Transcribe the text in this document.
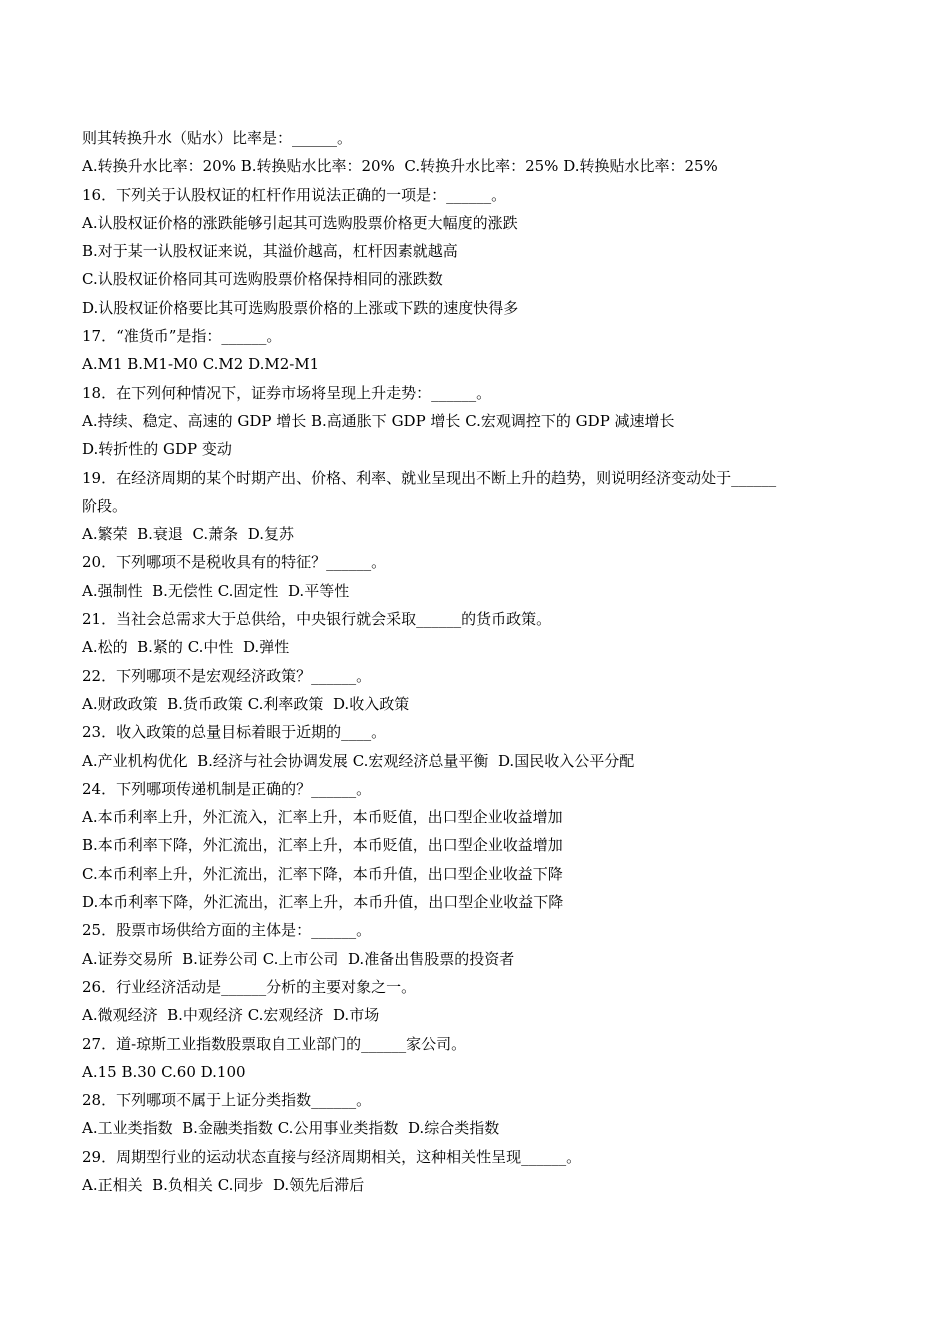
则其转换升水（贴水）比率是：______。
A.转换升水比率：20% B.转换贴水比率：20%  C.转换升水比率：25% D.转换贴水比率：25%
16．下列关于认股权证的杠杆作用说法正确的一项是：______。
A.认股权证价格的涨跌能够引起其可选购股票价格更大幅度的涨跌
B.对于某一认股权证来说，其溢价越高，杠杆因素就越高
C.认股权证价格同其可选购股票价格保持相同的涨跌数
D.认股权证价格要比其可选购股票价格的上涨或下跌的速度快得多
17．“准货币”是指：______。
A.M1 B.M1-M0 C.M2 D.M2-M1
18．在下列何种情况下，证券市场将呈现上升走势：______。
A.持续、稳定、高速的 GDP 增长 B.高通胀下 GDP 增长 C.宏观调控下的 GDP 减速增长
D.转折性的 GDP 变动
19．在经济周期的某个时期产出、价格、利率、就业呈现出不断上升的趋势，则说明经济变动处于______
阶段。
A.繁荣  B.衰退  C.萧条  D.复苏
20．下列哪项不是税收具有的特征？______。
A.强制性  B.无偿性 C.固定性  D.平等性
21．当社会总需求大于总供给，中央银行就会采取______的货币政策。
A.松的  B.紧的 C.中性  D.弹性
22．下列哪项不是宏观经济政策？______。
A.财政政策  B.货币政策 C.利率政策  D.收入政策
23．收入政策的总量目标着眼于近期的____。
A.产业机构优化  B.经济与社会协调发展 C.宏观经济总量平衡  D.国民收入公平分配
24．下列哪项传递机制是正确的？______。
A.本币利率上升，外汇流入，汇率上升，本币贬值，出口型企业收益增加
B.本币利率下降，外汇流出，汇率上升，本币贬值，出口型企业收益增加
C.本币利率上升，外汇流出，汇率下降，本币升值，出口型企业收益下降
D.本币利率下降，外汇流出，汇率上升，本币升值，出口型企业收益下降
25．股票市场供给方面的主体是：______。
A.证券交易所  B.证券公司 C.上市公司  D.准备出售股票的投资者
26．行业经济活动是______分析的主要对象之一。
A.微观经济  B.中观经济 C.宏观经济  D.市场
27．道-琼斯工业指数股票取自工业部门的______家公司。
A.15 B.30 C.60 D.100
28．下列哪项不属于上证分类指数______。
A.工业类指数  B.金融类指数 C.公用事业类指数  D.综合类指数
29．周期型行业的运动状态直接与经济周期相关，这种相关性呈现______。
A.正相关  B.负相关 C.同步  D.领先后滞后
